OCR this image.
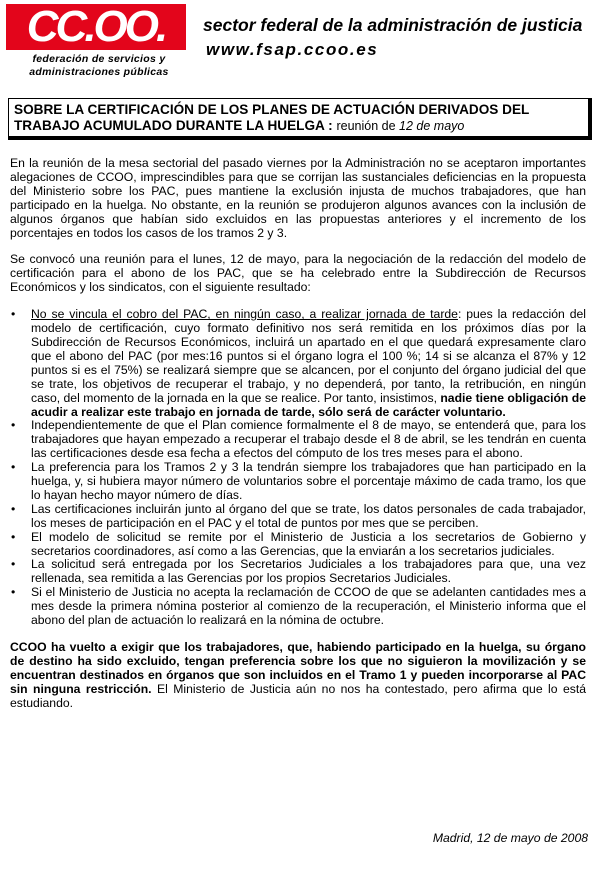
CC.OO.
federación de servicios y administraciones públicas
sector federal de la administración de justicia
www.fsap.ccoo.es
SOBRE LA CERTIFICACIÓN DE LOS PLANES DE ACTUACIÓN DERIVADOS DEL TRABAJO ACUMULADO DURANTE LA HUELGA : reunión de 12 de mayo

En la reunión de la mesa sectorial del pasado viernes por la Administración no se aceptaron importantes alegaciones de CCOO, imprescindibles para que se corrijan las sustanciales deficiencias en la propuesta del Ministerio sobre los PAC, pues mantiene la exclusión injusta de muchos trabajadores, que han participado en la huelga. No obstante, en la reunión se produjeron algunos avances con la inclusión de algunos órganos que habían sido excluidos en las propuestas anteriores y el incremento de los porcentajes en todos los casos de los tramos 2 y 3.

Se convocó una reunión para el lunes, 12 de mayo, para la negociación de la redacción del modelo de certificación para el abono de los PAC, que se ha celebrado entre la Subdirección de Recursos Económicos y los sindicatos, con el siguiente resultado:

• No se vincula el cobro del PAC, en ningún caso, a realizar jornada de tarde: pues la redacción del modelo de certificación, cuyo formato definitivo nos será remitida en los próximos días por la Subdirección de Recursos Económicos, incluirá un apartado en el que quedará expresamente claro que el abono del PAC (por mes:16 puntos si el órgano logra el 100 %; 14 si se alcanza el 87% y 12 puntos si es el 75%) se realizará siempre que se alcancen, por el conjunto del órgano judicial del que se trate, los objetivos de recuperar el trabajo, y no dependerá, por tanto, la retribución, en ningún caso, del momento de la jornada en la que se realice. Por tanto, insistimos, nadie tiene obligación de acudir a realizar este trabajo en jornada de tarde, sólo será de carácter voluntario.
• Independientemente de que el Plan comience formalmente el 8 de mayo, se entenderá que, para los trabajadores que hayan empezado a recuperar el trabajo desde el 8 de abril, se les tendrán en cuenta las certificaciones desde esa fecha a efectos del cómputo de los tres meses para el abono.
• La preferencia para los Tramos 2 y 3 la tendrán siempre los trabajadores que han participado en la huelga, y, si hubiera mayor número de voluntarios sobre el porcentaje máximo de cada tramo, los que lo hayan hecho mayor número de días.
• Las certificaciones incluirán junto al órgano del que se trate, los datos personales de cada trabajador, los meses de participación en el PAC y el total de puntos por mes que se perciben.
• El modelo de solicitud se remite por el Ministerio de Justicia a los secretarios de Gobierno y secretarios coordinadores, así como a las Gerencias, que la enviarán a los secretarios judiciales.
• La solicitud será entregada por los Secretarios Judiciales a los trabajadores para que, una vez rellenada, sea remitida a las Gerencias por los propios Secretarios Judiciales.
• Si el Ministerio de Justicia no acepta la reclamación de CCOO de que se adelanten cantidades mes a mes desde la primera nómina posterior al comienzo de la recuperación, el Ministerio informa que el abono del plan de actuación lo realizará en la nómina de octubre.

CCOO ha vuelto a exigir que los trabajadores, que, habiendo participado en la huelga, su órgano de destino ha sido excluido, tengan preferencia sobre los que no siguieron la movilización y se encuentran destinados en órganos que son incluidos en el Tramo 1 y pueden incorporarse al PAC sin ninguna restricción. El Ministerio de Justicia aún no nos ha contestado, pero afirma que lo está estudiando.

Madrid, 12 de mayo de 2008
